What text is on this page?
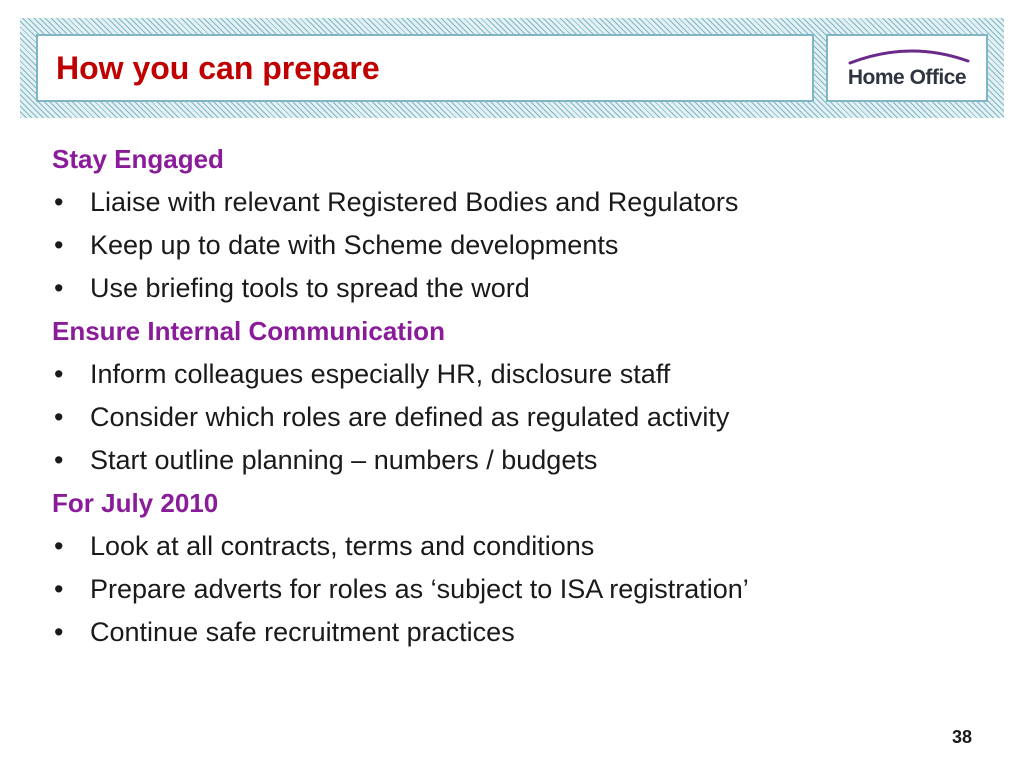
How you can prepare	Home Office
Stay Engaged
• Liaise with relevant Registered Bodies and Regulators
• Keep up to date with Scheme developments
• Use briefing tools to spread the word
Ensure Internal Communication
• Inform colleagues especially HR, disclosure staff
• Consider which roles are defined as regulated activity
• Start outline planning – numbers / budgets
For July 2010
• Look at all contracts, terms and conditions
• Prepare adverts for roles as ‘subject to ISA registration’
• Continue safe recruitment practices
38
